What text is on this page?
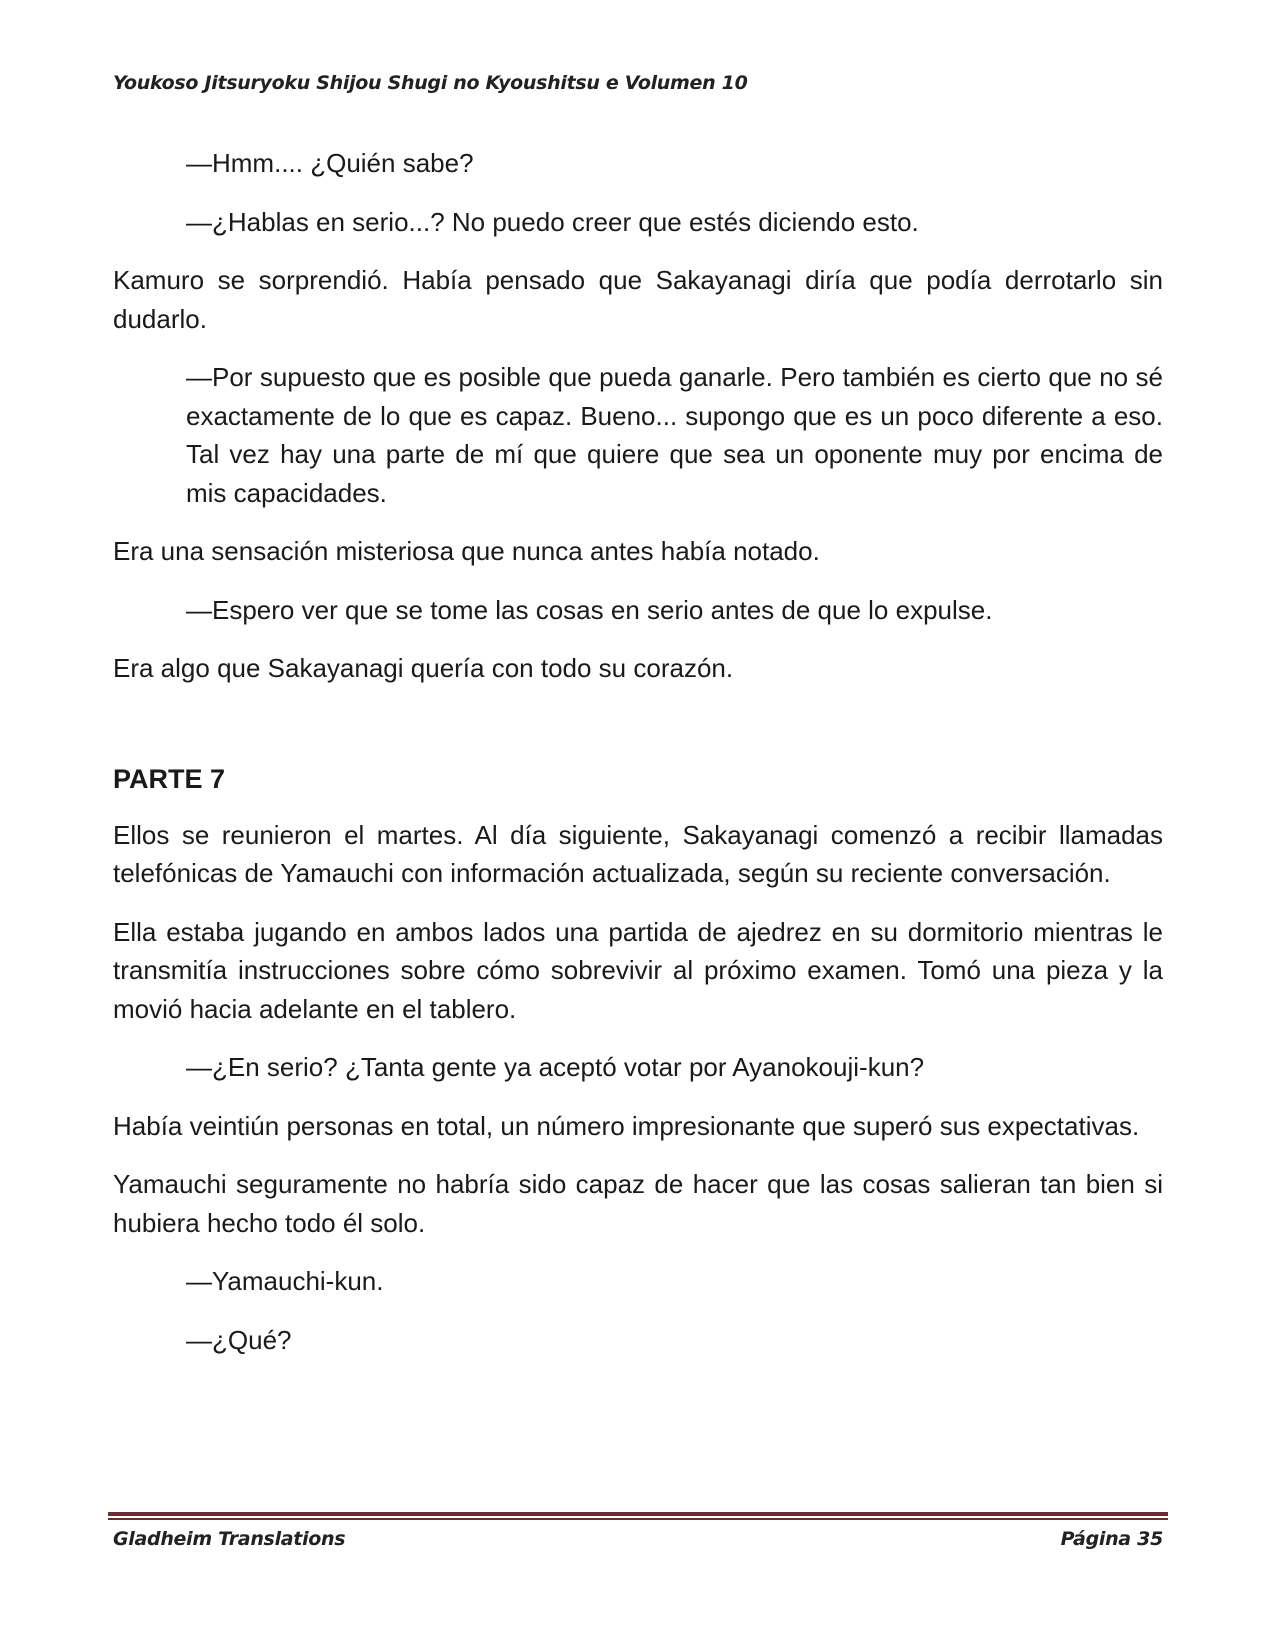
Youkoso Jitsuryoku Shijou Shugi no Kyoushitsu e Volumen 10

—Hmm.... ¿Quién sabe?

—¿Hablas en serio...? No puedo creer que estés diciendo esto.

Kamuro se sorprendió. Había pensado que Sakayanagi diría que podía derrotarlo sin dudarlo.

—Por supuesto que es posible que pueda ganarle. Pero también es cierto que no sé exactamente de lo que es capaz. Bueno... supongo que es un poco diferente a eso. Tal vez hay una parte de mí que quiere que sea un oponente muy por encima de mis capacidades.

Era una sensación misteriosa que nunca antes había notado.

—Espero ver que se tome las cosas en serio antes de que lo expulse.

Era algo que Sakayanagi quería con todo su corazón.

PARTE 7

Ellos se reunieron el martes. Al día siguiente, Sakayanagi comenzó a recibir llamadas telefónicas de Yamauchi con información actualizada, según su reciente conversación.

Ella estaba jugando en ambos lados una partida de ajedrez en su dormitorio mientras le transmitía instrucciones sobre cómo sobrevivir al próximo examen. Tomó una pieza y la movió hacia adelante en el tablero.

—¿En serio? ¿Tanta gente ya aceptó votar por Ayanokouji-kun?

Había veintiún personas en total, un número impresionante que superó sus expectativas.

Yamauchi seguramente no habría sido capaz de hacer que las cosas salieran tan bien si hubiera hecho todo él solo.

—Yamauchi-kun.

—¿Qué?

Gladheim Translations	Página 35
